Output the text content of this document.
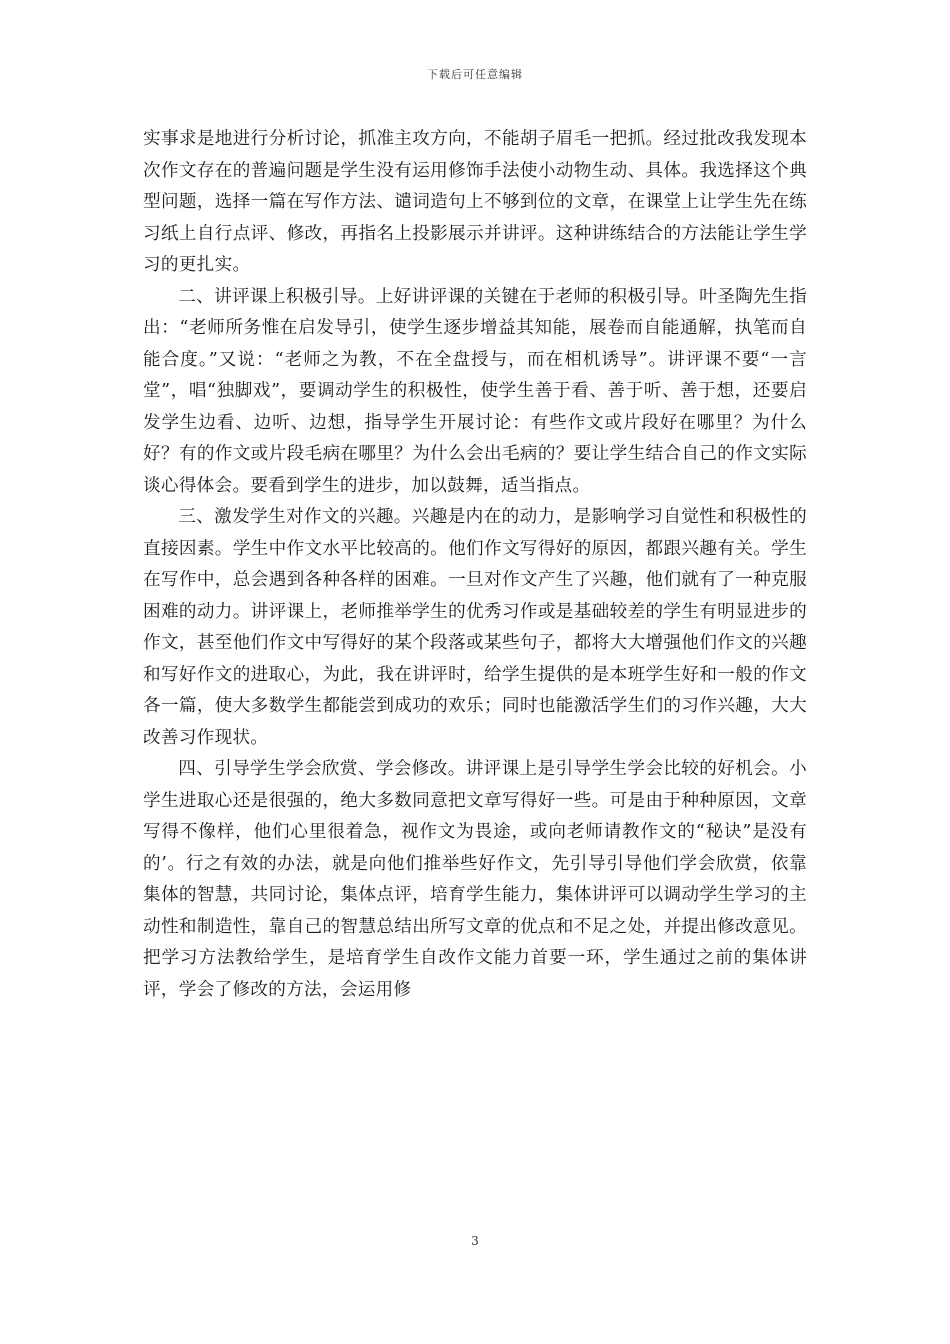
下载后可任意编辑

实事求是地进行分析讨论，抓准主攻方向，不能胡子眉毛一把抓。经过批改我发现本次作文存在的普遍问题是学生没有运用修饰手法使小动物生动、具体。我选择这个典型问题，选择一篇在写作方法、谴词造句上不够到位的文章，在课堂上让学生先在练习纸上自行点评、修改，再指名上投影展示并讲评。这种讲练结合的方法能让学生学习的更扎实。

二、讲评课上积极引导。上好讲评课的关键在于老师的积极引导。叶圣陶先生指出：“老师所务惟在启发导引，使学生逐步增益其知能，展卷而自能通解，执笔而自能合度。”又说：“老师之为教，不在全盘授与，而在相机诱导”。讲评课不要“一言堂”，唱“独脚戏”，要调动学生的积极性，使学生善于看、善于听、善于想，还要启发学生边看、边听、边想，指导学生开展讨论：有些作文或片段好在哪里？为什么好？有的作文或片段毛病在哪里？为什么会出毛病的？要让学生结合自己的作文实际谈心得体会。要看到学生的进步，加以鼓舞，适当指点。

三、激发学生对作文的兴趣。兴趣是内在的动力，是影响学习自觉性和积极性的直接因素。学生中作文水平比较高的。他们作文写得好的原因，都跟兴趣有关。学生在写作中，总会遇到各种各样的困难。一旦对作文产生了兴趣，他们就有了一种克服困难的动力。讲评课上，老师推举学生的优秀习作或是基础较差的学生有明显进步的作文，甚至他们作文中写得好的某个段落或某些句子，都将大大增强他们作文的兴趣和写好作文的进取心，为此，我在讲评时，给学生提供的是本班学生好和一般的作文各一篇，使大多数学生都能尝到成功的欢乐；同时也能激活学生们的习作兴趣，大大改善习作现状。

四、引导学生学会欣赏、学会修改。讲评课上是引导学生学会比较的好机会。小学生进取心还是很强的，绝大多数同意把文章写得好一些。可是由于种种原因，文章写得不像样，他们心里很着急，视作文为畏途，或向老师请教作文的“秘诀”是没有的’。行之有效的办法，就是向他们推举些好作文，先引导引导他们学会欣赏，依靠集体的智慧，共同讨论，集体点评，培育学生能力，集体讲评可以调动学生学习的主动性和制造性，靠自己的智慧总结出所写文章的优点和不足之处，并提出修改意见。把学习方法教给学生，是培育学生自改作文能力首要一环，学生通过之前的集体讲评，学会了修改的方法，会运用修

3
